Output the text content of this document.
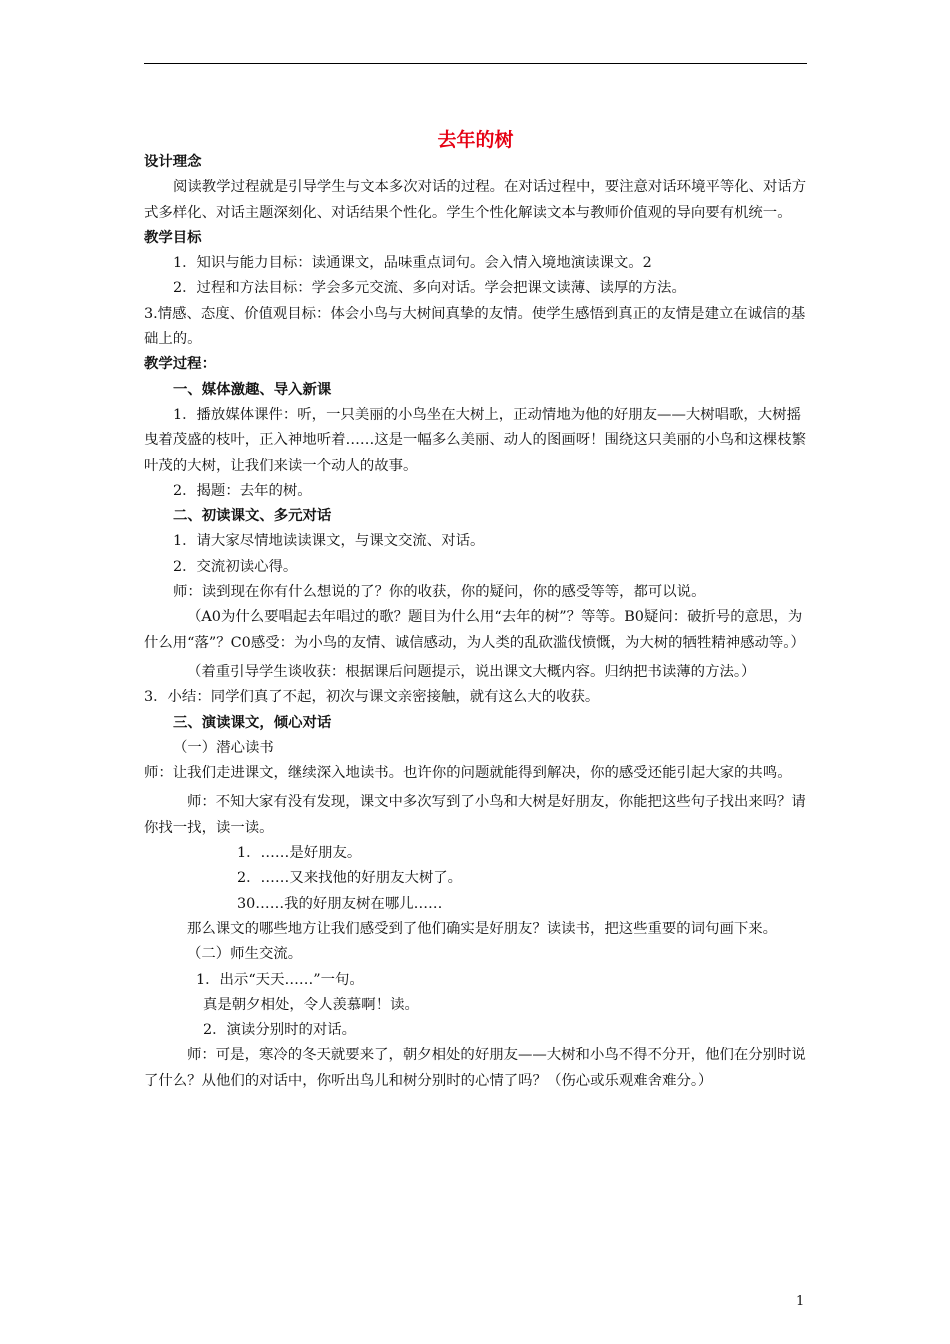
去年的树

设计理念

阅读教学过程就是引导学生与文本多次对话的过程。在对话过程中，要注意对话环境平等化、对话方式多样化、对话主题深刻化、对话结果个性化。学生个性化解读文本与教师价值观的导向要有机统一。

教学目标

1．知识与能力目标：读通课文，品味重点词句。会入情入境地演读课文。2

2．过程和方法目标：学会多元交流、多向对话。学会把课文读薄、读厚的方法。

3.情感、态度、价值观目标：体会小鸟与大树间真挚的友情。使学生感悟到真正的友情是建立在诚信的基础上的。

教学过程：

一、媒体激趣、导入新课

1．播放媒体课件：听，一只美丽的小鸟坐在大树上，正动情地为他的好朋友——大树唱歌，大树摇曳着茂盛的枝叶，正入神地听着……这是一幅多么美丽、动人的图画呀！围绕这只美丽的小鸟和这棵枝繁叶茂的大树，让我们来读一个动人的故事。

2．揭题：去年的树。

二、初读课文、多元对话

1．请大家尽情地读读课文，与课文交流、对话。

2．交流初读心得。

师：读到现在你有什么想说的了？你的收获，你的疑问，你的感受等等，都可以说。

（A0为什么要唱起去年唱过的歌？题目为什么用“去年的树”？等等。B0疑问：破折号的意思，为什么用“落”？C0感受：为小鸟的友情、诚信感动，为人类的乱砍滥伐愤慨，为大树的牺牲精神感动等。）

（着重引导学生谈收获：根据课后问题提示，说出课文大概内容。归纳把书读薄的方法。）

3．小结：同学们真了不起，初次与课文亲密接触，就有这么大的收获。

三、演读课文，倾心对话

（一）潜心读书

师：让我们走进课文，继续深入地读书。也许你的问题就能得到解决，你的感受还能引起大家的共鸣。

师：不知大家有没有发现，课文中多次写到了小鸟和大树是好朋友，你能把这些句子找出来吗？请你找一找，读一读。

1．……是好朋友。

2．……又来找他的好朋友大树了。

30……我的好朋友树在哪儿……

那么课文的哪些地方让我们感受到了他们确实是好朋友？读读书，把这些重要的词句画下来。

（二）师生交流。

1．出示“天天……”一句。

真是朝夕相处，令人羡慕啊！读。

2．演读分别时的对话。

师：可是，寒冷的冬天就要来了，朝夕相处的好朋友——大树和小鸟不得不分开，他们在分别时说了什么？从他们的对话中，你听出鸟儿和树分别时的心情了吗？（伤心或乐观难舍难分。）

1
